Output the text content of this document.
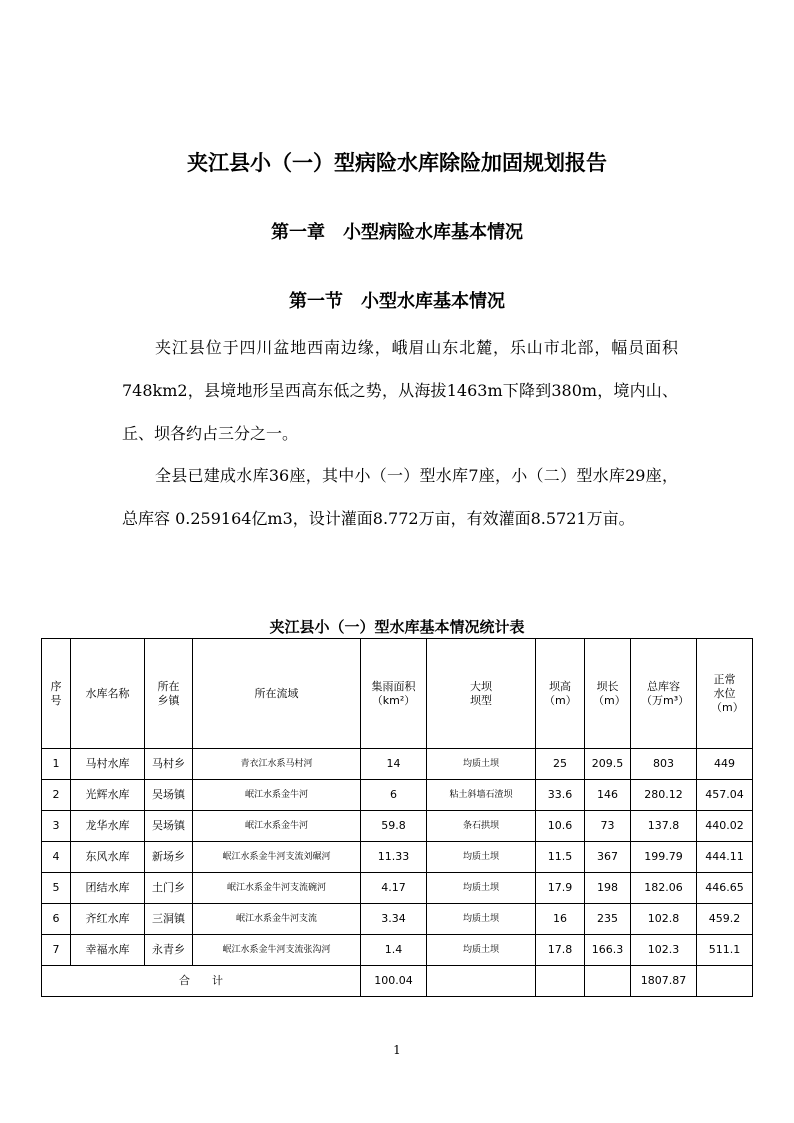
夹江县小（一）型病险水库除险加固规划报告
第一章　小型病险水库基本情况
第一节　小型水库基本情况

夹江县位于四川盆地西南边缘，峨眉山东北麓，乐山市北部，幅员面积748km2，县境地形呈西高东低之势，从海拔1463m下降到380m，境内山、丘、坝各约占三分之一。

全县已建成水库36座，其中小（一）型水库7座，小（二）型水库29座，总库容 0.259164亿m3，设计灌面8.772万亩，有效灌面8.5721万亩。

夹江县小（一）型水库基本情况统计表
序号	水库名称	所在乡镇	所在流域	集雨面积（km²）	大坝坝型	坝高（m）	坝长（m）	总库容（万m³）	正常水位（m）
1	马村水库	马村乡	青衣江水系马村河	14	均质土坝	25	209.5	803	449
2	光辉水库	吴场镇	岷江水系金牛河	6	粘土斜墙石渣坝	33.6	146	280.12	457.04
3	龙华水库	吴场镇	岷江水系金牛河	59.8	条石拱坝	10.6	73	137.8	440.02
4	东风水库	新场乡	岷江水系金牛河支流刘碾河	11.33	均质土坝	11.5	367	199.79	444.11
5	团结水库	土门乡	岷江水系金牛河支流碗河	4.17	均质土坝	17.9	198	182.06	446.65
6	齐红水库	三洞镇	岷江水系金牛河支流	3.34	均质土坝	16	235	102.8	459.2
7	幸福水库	永青乡	岷江水系金牛河支流张沟河	1.4	均质土坝	17.8	166.3	102.3	511.1
合　　计				100.04				1807.87	
1
